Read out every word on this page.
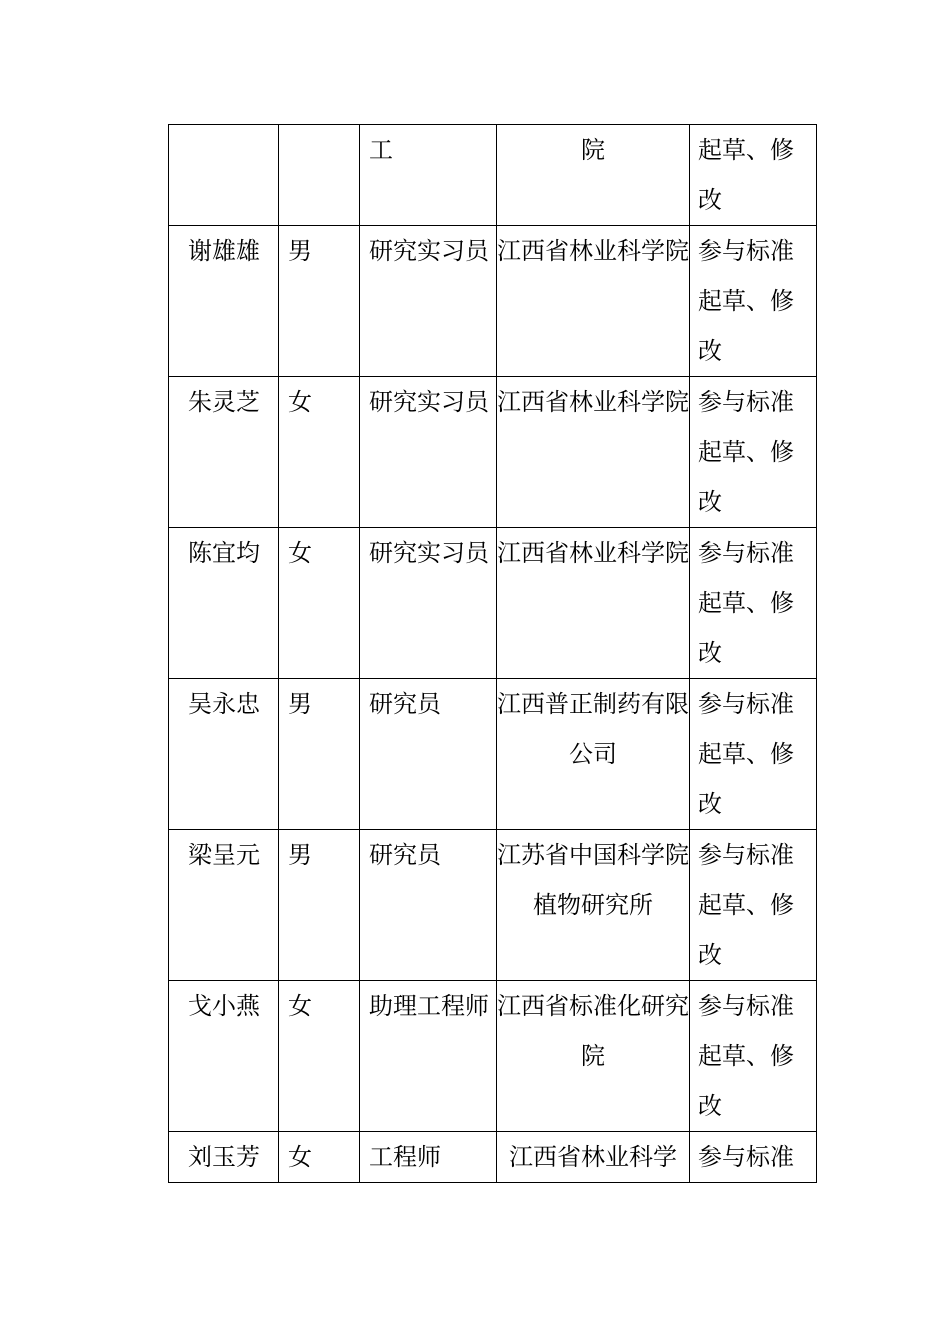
		工	院	起草、修改

谢雄雄	男	研究实习员	江西省林业科学院	参与标准起草、修改

朱灵芝	女	研究实习员	江西省林业科学院	参与标准起草、修改

陈宜均	女	研究实习员	江西省林业科学院	参与标准起草、修改

吴永忠	男	研究员	江西普正制药有限公司	参与标准起草、修改

梁呈元	男	研究员	江苏省中国科学院植物研究所	参与标准起草、修改

戈小燕	女	助理工程师	江西省标准化研究院	参与标准起草、修改

刘玉芳	女	工程师	江西省林业科学	参与标准
